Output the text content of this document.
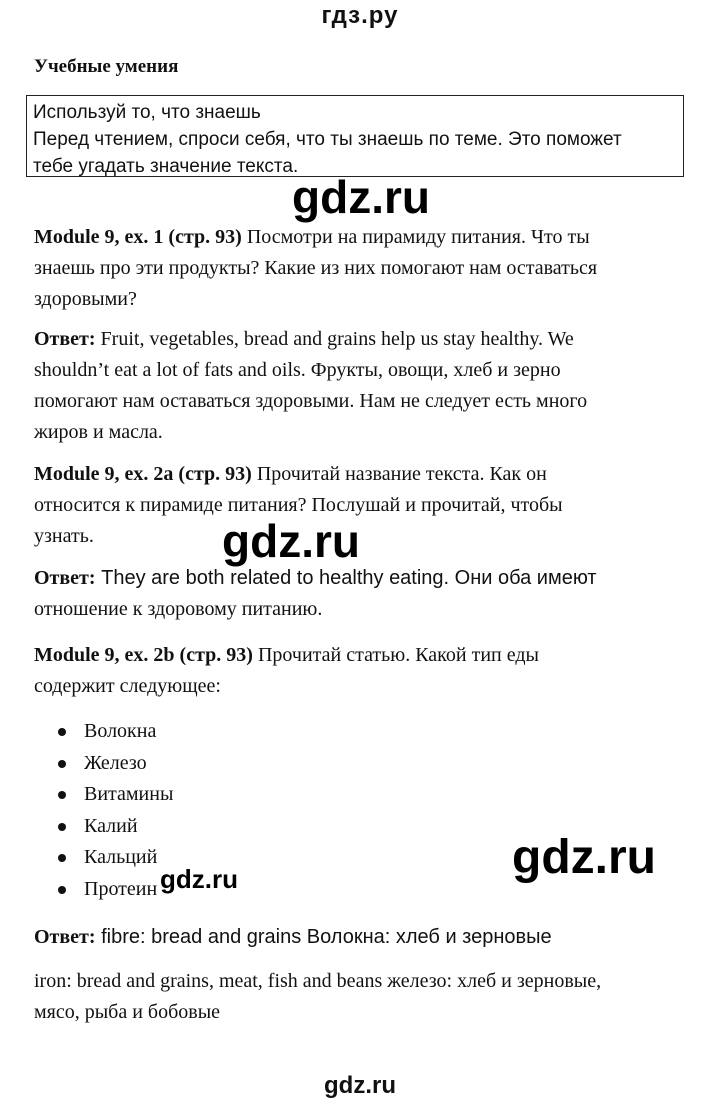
гдз.ру
Учебные умения
Используй то, что знаешь
Перед чтением, спроси себя, что ты знаешь по теме. Это поможет
тебе угадать значение текста.
Module 9, ex. 1 (стр. 93) Посмотри на пирамиду питания. Что ты
знаешь про эти продукты? Какие из них помогают нам оставаться
здоровыми?
Ответ: Fruit, vegetables, bread and grains help us stay healthy. We
shouldn’t eat a lot of fats and oils. Фрукты, овощи, хлеб и зерно
помогают нам оставаться здоровыми. Нам не следует есть много
жиров и масла.
Module 9, ex. 2a (стр. 93) Прочитай название текста. Как он
относится к пирамиде питания? Послушай и прочитай, чтобы
узнать.
Ответ: They are both related to healthy eating. Они оба имеют
отношение к здоровому питанию.
Module 9, ex. 2b (стр. 93) Прочитай статью. Какой тип еды
содержит следующее:
Волокна
Железо
Витамины
Калий
Кальций
Протеин
Ответ: fibre: bread and grains Волокна: хлеб и зерновые
iron: bread and grains, meat, fish and beans железо: хлеб и зерновые,
мясо, рыба и бобовые
gdz.ru
gdz.ru
gdz.ru
gdz.ru
gdz.ru
